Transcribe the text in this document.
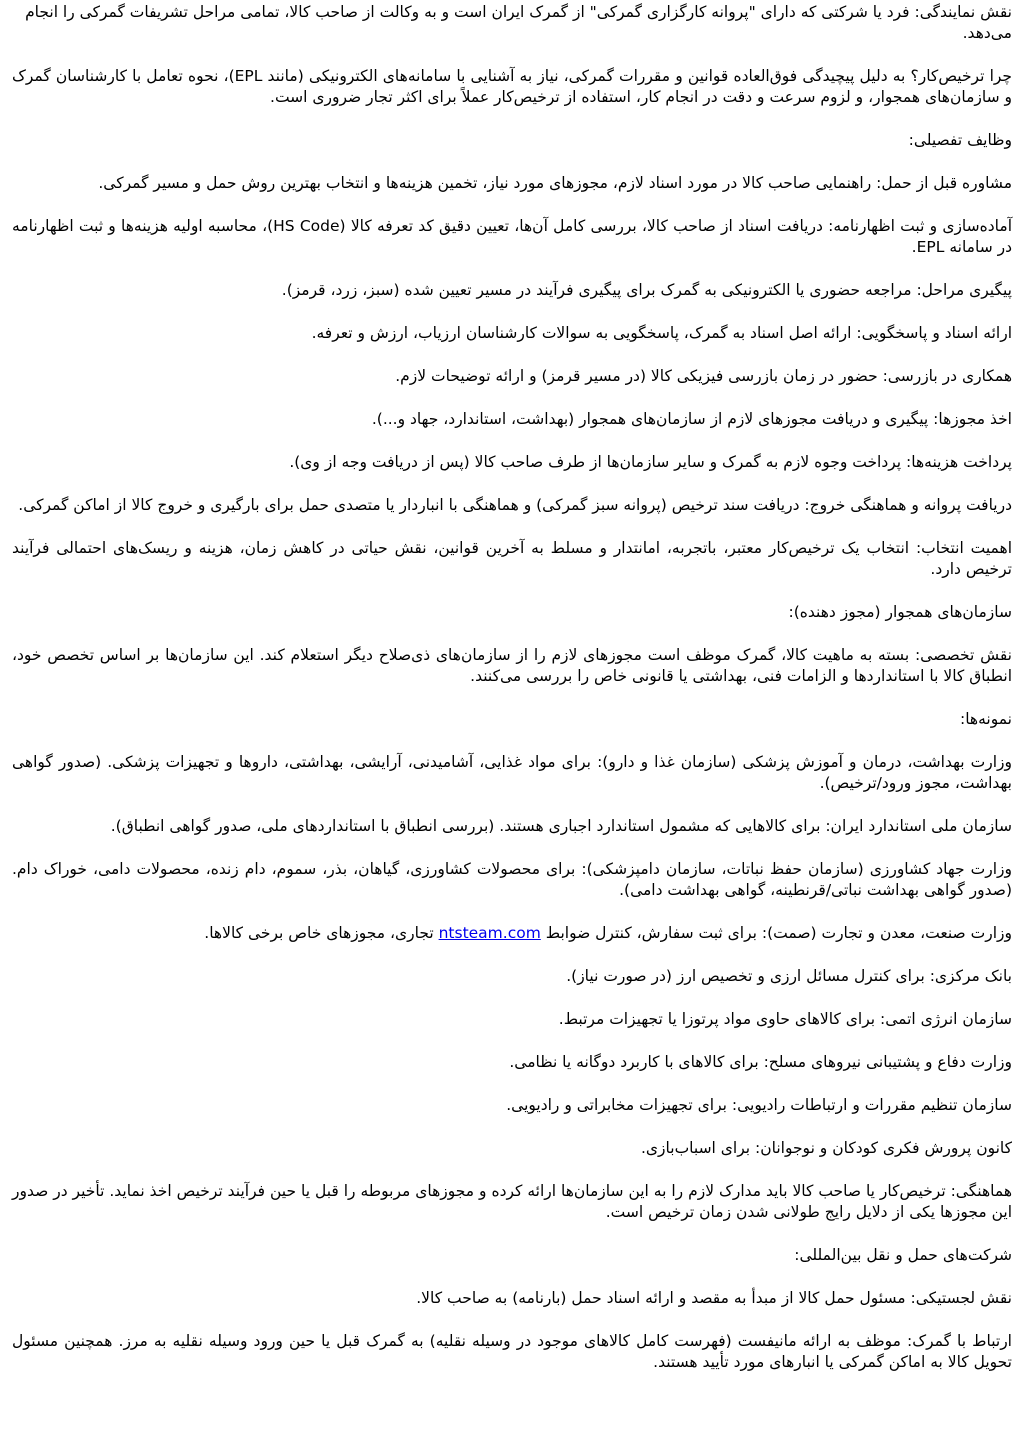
نقش نمایندگی: فرد یا شرکتی که دارای "پروانه کارگزاری گمرکی" از گمرک ایران است و به وکالت از صاحب کالا، تمامی مراحل تشریفات گمرکی را انجام می‌دهد.

چرا ترخیص‌کار؟ به دلیل پیچیدگی فوق‌العاده قوانین و مقررات گمرکی، نیاز به آشنایی با سامانه‌های الکترونیکی (مانند EPL)، نحوه تعامل با کارشناسان گمرک و سازمان‌های همجوار، و لزوم سرعت و دقت در انجام کار، استفاده از ترخیص‌کار عملاً برای اکثر تجار ضروری است.

وظایف تفصیلی:

مشاوره قبل از حمل: راهنمایی صاحب کالا در مورد اسناد لازم، مجوزهای مورد نیاز، تخمین هزینه‌ها و انتخاب بهترین روش حمل و مسیر گمرکی.

آماده‌سازی و ثبت اظهارنامه: دریافت اسناد از صاحب کالا، بررسی کامل آن‌ها، تعیین دقیق کد تعرفه کالا (HS Code)، محاسبه اولیه هزینه‌ها و ثبت اظهارنامه در سامانه EPL.

پیگیری مراحل: مراجعه حضوری یا الکترونیکی به گمرک برای پیگیری فرآیند در مسیر تعیین شده (سبز، زرد، قرمز).

ارائه اسناد و پاسخگویی: ارائه اصل اسناد به گمرک، پاسخگویی به سوالات کارشناسان ارزیاب، ارزش و تعرفه.

همکاری در بازرسی: حضور در زمان بازرسی فیزیکی کالا (در مسیر قرمز) و ارائه توضیحات لازم.

اخذ مجوزها: پیگیری و دریافت مجوزهای لازم از سازمان‌های همجوار (بهداشت، استاندارد، جهاد و...).

پرداخت هزینه‌ها: پرداخت وجوه لازم به گمرک و سایر سازمان‌ها از طرف صاحب کالا (پس از دریافت وجه از وی).

دریافت پروانه و هماهنگی خروج: دریافت سند ترخیص (پروانه سبز گمرکی) و هماهنگی با انباردار یا متصدی حمل برای بارگیری و خروج کالا از اماکن گمرکی.

اهمیت انتخاب: انتخاب یک ترخیص‌کار معتبر، باتجربه، امانتدار و مسلط به آخرین قوانین، نقش حیاتی در کاهش زمان، هزینه و ریسک‌های احتمالی فرآیند ترخیص دارد.

سازمان‌های همجوار (مجوز دهنده):

نقش تخصصی: بسته به ماهیت کالا، گمرک موظف است مجوزهای لازم را از سازمان‌های ذی‌صلاح دیگر استعلام کند. این سازمان‌ها بر اساس تخصص خود، انطباق کالا با استانداردها و الزامات فنی، بهداشتی یا قانونی خاص را بررسی می‌کنند.

نمونه‌ها:

وزارت بهداشت، درمان و آموزش پزشکی (سازمان غذا و دارو): برای مواد غذایی، آشامیدنی، آرایشی، بهداشتی، داروها و تجهیزات پزشکی. (صدور گواهی بهداشت، مجوز ورود/ترخیص).

سازمان ملی استاندارد ایران: برای کالاهایی که مشمول استاندارد اجباری هستند. (بررسی انطباق با استانداردهای ملی، صدور گواهی انطباق).

وزارت جهاد کشاورزی (سازمان حفظ نباتات، سازمان دامپزشکی): برای محصولات کشاورزی، گیاهان، بذر، سموم، دام زنده، محصولات دامی، خوراک دام. (صدور گواهی بهداشت نباتی/قرنطینه، گواهی بهداشت دامی).

وزارت صنعت، معدن و تجارت (صمت): برای ثبت سفارش، کنترل ضوابط ntsteam.com تجاری، مجوزهای خاص برخی کالاها.

بانک مرکزی: برای کنترل مسائل ارزی و تخصیص ارز (در صورت نیاز).

سازمان انرژی اتمی: برای کالاهای حاوی مواد پرتوزا یا تجهیزات مرتبط.

وزارت دفاع و پشتیبانی نیروهای مسلح: برای کالاهای با کاربرد دوگانه یا نظامی.

سازمان تنظیم مقررات و ارتباطات رادیویی: برای تجهیزات مخابراتی و رادیویی.

کانون پرورش فکری کودکان و نوجوانان: برای اسباب‌بازی.

هماهنگی: ترخیص‌کار یا صاحب کالا باید مدارک لازم را به این سازمان‌ها ارائه کرده و مجوزهای مربوطه را قبل یا حین فرآیند ترخیص اخذ نماید. تأخیر در صدور این مجوزها یکی از دلایل رایج طولانی شدن زمان ترخیص است.

شرکت‌های حمل و نقل بین‌المللی:

نقش لجستیکی: مسئول حمل کالا از مبدأ به مقصد و ارائه اسناد حمل (بارنامه) به صاحب کالا.

ارتباط با گمرک: موظف به ارائه مانیفست (فهرست کامل کالاهای موجود در وسیله نقلیه) به گمرک قبل یا حین ورود وسیله نقلیه به مرز. همچنین مسئول تحویل کالا به اماکن گمرکی یا انبارهای مورد تأیید هستند.
